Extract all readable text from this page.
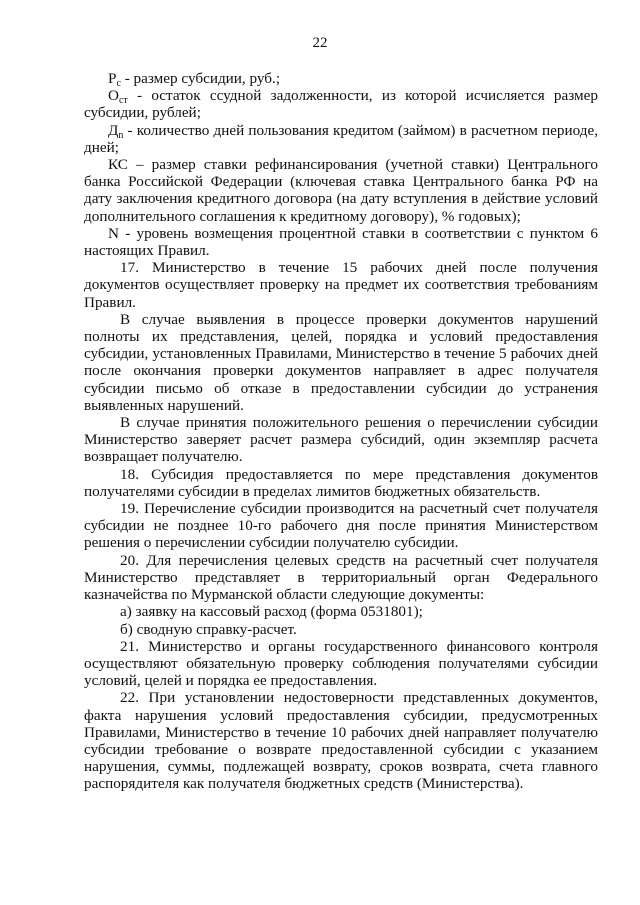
22

$Р_с$ - размер субсидии, руб.;

$О_{ст}$ - остаток ссудной задолженности, из которой исчисляется размер субсидии, рублей;

$Д_n$ - количество дней пользования кредитом (займом) в расчетном периоде, дней;

КС – размер ставки рефинансирования (учетной ставки) Центрального банка Российской Федерации (ключевая ставка Центрального банка РФ на дату заключения кредитного договора (на дату вступления в действие условий дополнительного соглашения к кредитному договору), % годовых);

N - уровень возмещения процентной ставки в соответствии с пунктом 6 настоящих Правил.

17. Министерство в течение 15 рабочих дней после получения документов осуществляет проверку на предмет их соответствия требованиям Правил.

В случае выявления в процессе проверки документов нарушений полноты их представления, целей, порядка и условий предоставления субсидии, установленных Правилами, Министерство в течение 5 рабочих дней после окончания проверки документов направляет в адрес получателя субсидии письмо об отказе в предоставлении субсидии до устранения выявленных нарушений.

В случае принятия положительного решения о перечислении субсидии Министерство заверяет расчет размера субсидий, один экземпляр расчета возвращает получателю.

18. Субсидия предоставляется по мере представления документов получателями субсидии в пределах лимитов бюджетных обязательств.

19. Перечисление субсидии производится на расчетный счет получателя субсидии не позднее 10-го рабочего дня после принятия Министерством решения о перечислении субсидии получателю субсидии.

20. Для перечисления целевых средств на расчетный счет получателя Министерство представляет в территориальный орган Федерального казначейства по Мурманской области следующие документы:

а) заявку на кассовый расход (форма 0531801);

б) сводную справку-расчет.

21. Министерство и органы государственного финансового контроля осуществляют обязательную проверку соблюдения получателями субсидии условий, целей и порядка ее предоставления.

22. При установлении недостоверности представленных документов, факта нарушения условий предоставления субсидии, предусмотренных Правилами, Министерство в течение 10 рабочих дней направляет получателю субсидии требование о возврате предоставленной субсидии с указанием нарушения, суммы, подлежащей возврату, сроков возврата, счета главного распорядителя как получателя бюджетных средств (Министерства).
